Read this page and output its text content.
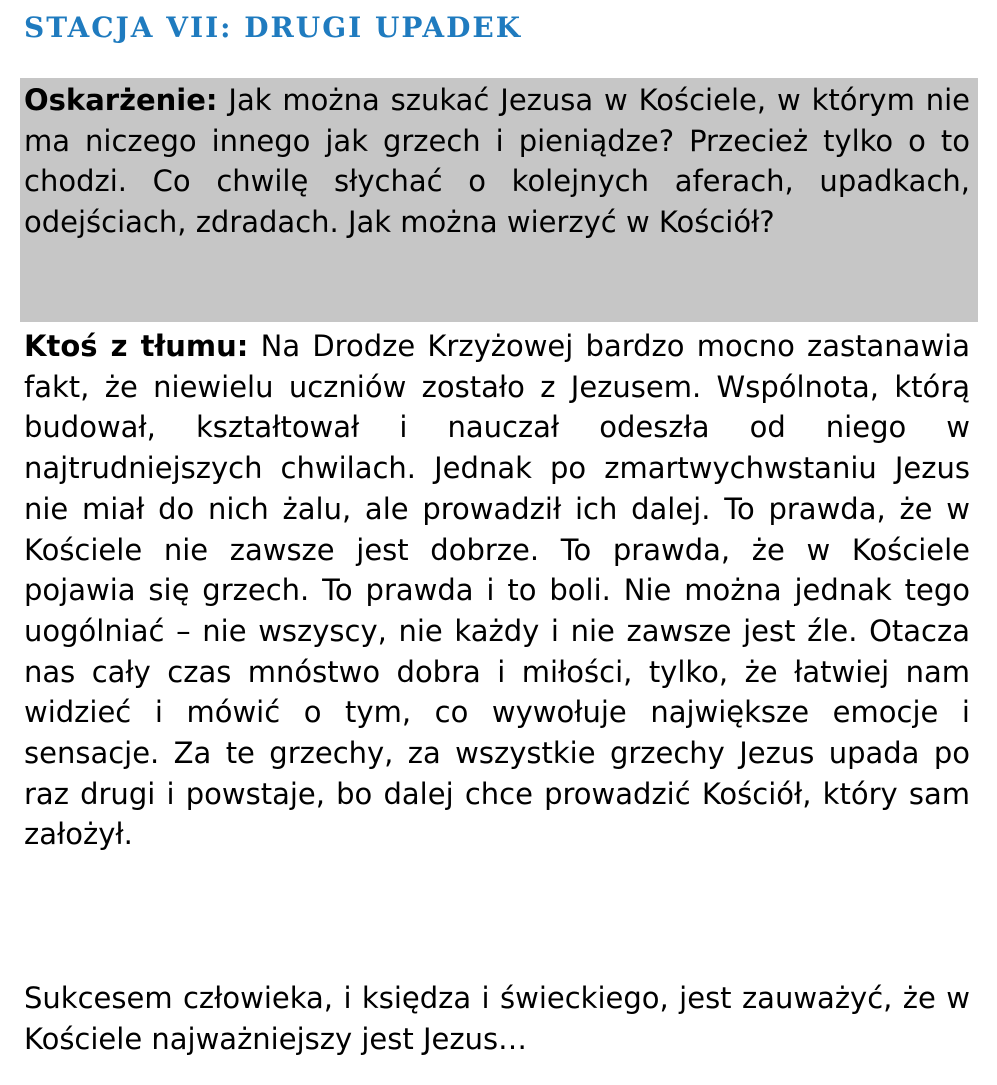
STACJA VII: DRUGI UPADEK

Oskarżenie: Jak można szukać Jezusa w Kościele, w którym nie ma niczego innego jak grzech i pieniądze? Przecież tylko o to chodzi. Co chwilę słychać o kolejnych aferach, upadkach, odejściach, zdradach. Jak można wierzyć w Kościół?

Ktoś z tłumu: Na Drodze Krzyżowej bardzo mocno zastanawia fakt, że niewielu uczniów zostało z Jezusem. Wspólnota, którą budował, kształtował i nauczał odeszła od niego w najtrudniejszych chwilach. Jednak po zmartwychwstaniu Jezus nie miał do nich żalu, ale prowadził ich dalej. To prawda, że w Kościele nie zawsze jest dobrze. To prawda, że w Kościele pojawia się grzech. To prawda i to boli. Nie można jednak tego uogólniać – nie wszyscy, nie każdy i nie zawsze jest źle. Otacza nas cały czas mnóstwo dobra i miłości, tylko, że łatwiej nam widzieć i mówić o tym, co wywołuje największe emocje i sensacje. Za te grzechy, za wszystkie grzechy Jezus upada po raz drugi i powstaje, bo dalej chce prowadzić Kościół, który sam założył.

Sukcesem człowieka, i księdza i świeckiego, jest zauważyć, że w Kościele najważniejszy jest Jezus…
